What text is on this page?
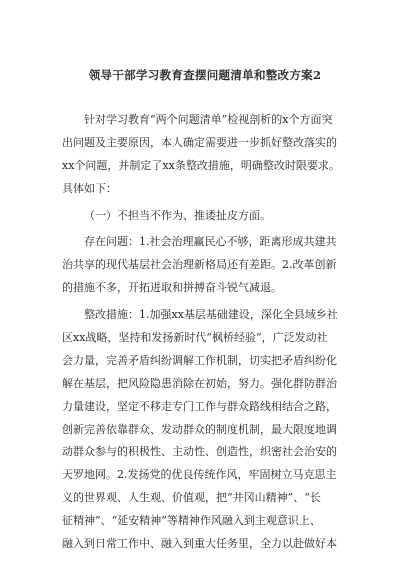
领导干部学习教育查摆问题清单和整改方案2
针对学习教育“两个问题清单”检视剖析的x个方面突
出问题及主要原因，本人确定需要进一步抓好整改落实的
xx个问题，并制定了xx条整改措施，明确整改时限要求。
具体如下：
（一）不担当不作为、推诿扯皮方面。
存在问题：1.社会治理赢民心不够，距离形成共建共
治共享的现代基层社会治理新格局还有差距。2.改革创新
的措施不多，开拓进取和拼搏奋斗锐气减退。
整改措施：1.加强xx基层基础建设，深化全县域乡社
区xx战略，坚持和发扬新时代“枫桥经验”，广泛发动社
会力量，完善矛盾纠纷调解工作机制，切实把矛盾纠纷化
解在基层，把风险隐患消除在初始，努力。强化群防群治
力量建设，坚定不移走专门工作与群众路线相结合之路，
创新完善依靠群众、发动群众的制度机制，最大限度地调
动群众参与的积极性、主动性、创造性，织密社会治安的
天罗地网。2.发扬党的优良传统作风，牢固树立马克思主
义的世界观、人生观、价值观，把“井冈山精神”、“长
征精神”、“延安精神”等精神作风融入到主观意识上、
融入到日常工作中、融入到重大任务里，全力以赴做好本
